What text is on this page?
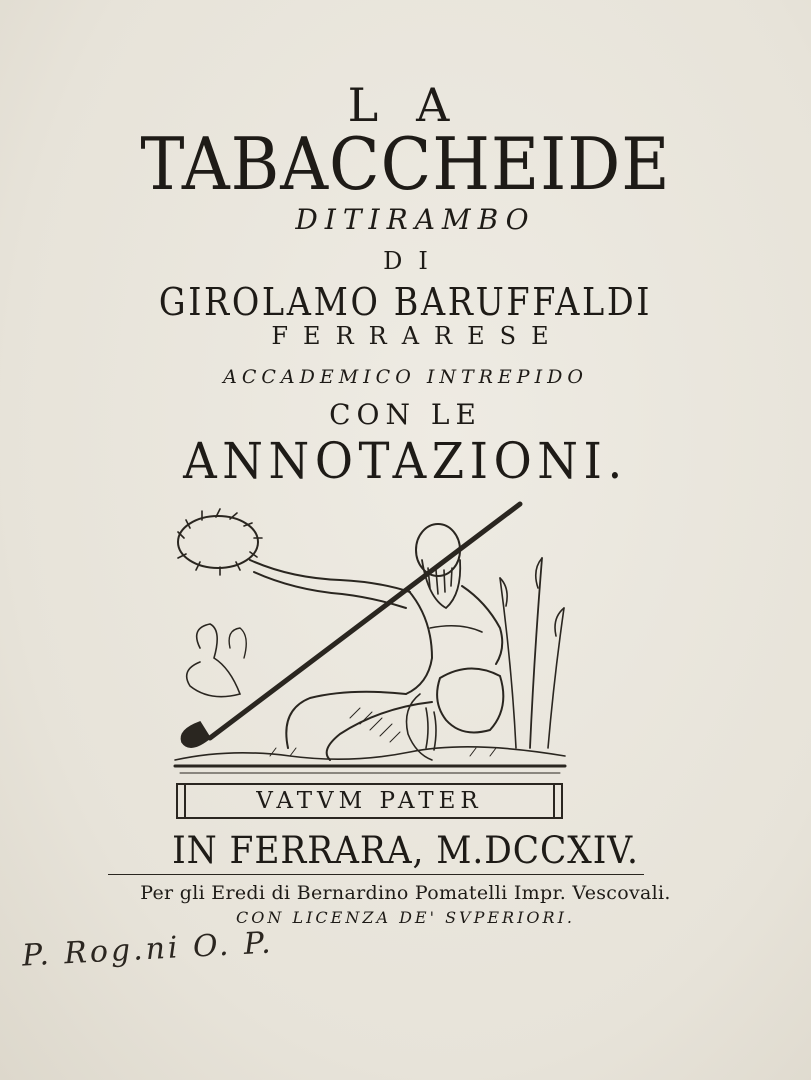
LA
TABACCHEIDE
DITIRAMBO
DI
GIROLAMO BARUFFALDI
FERRARESE
ACCADEMICO INTREPIDO
CON LE
ANNOTAZIONI.
VATVM PATER
IN FERRARA, M.DCCXIV.
Per gli Eredi di Bernardino Pomatelli Impr. Vescovali.
CON LICENZA DE' SVPERIORI.
P. Rog.ni O. P.
